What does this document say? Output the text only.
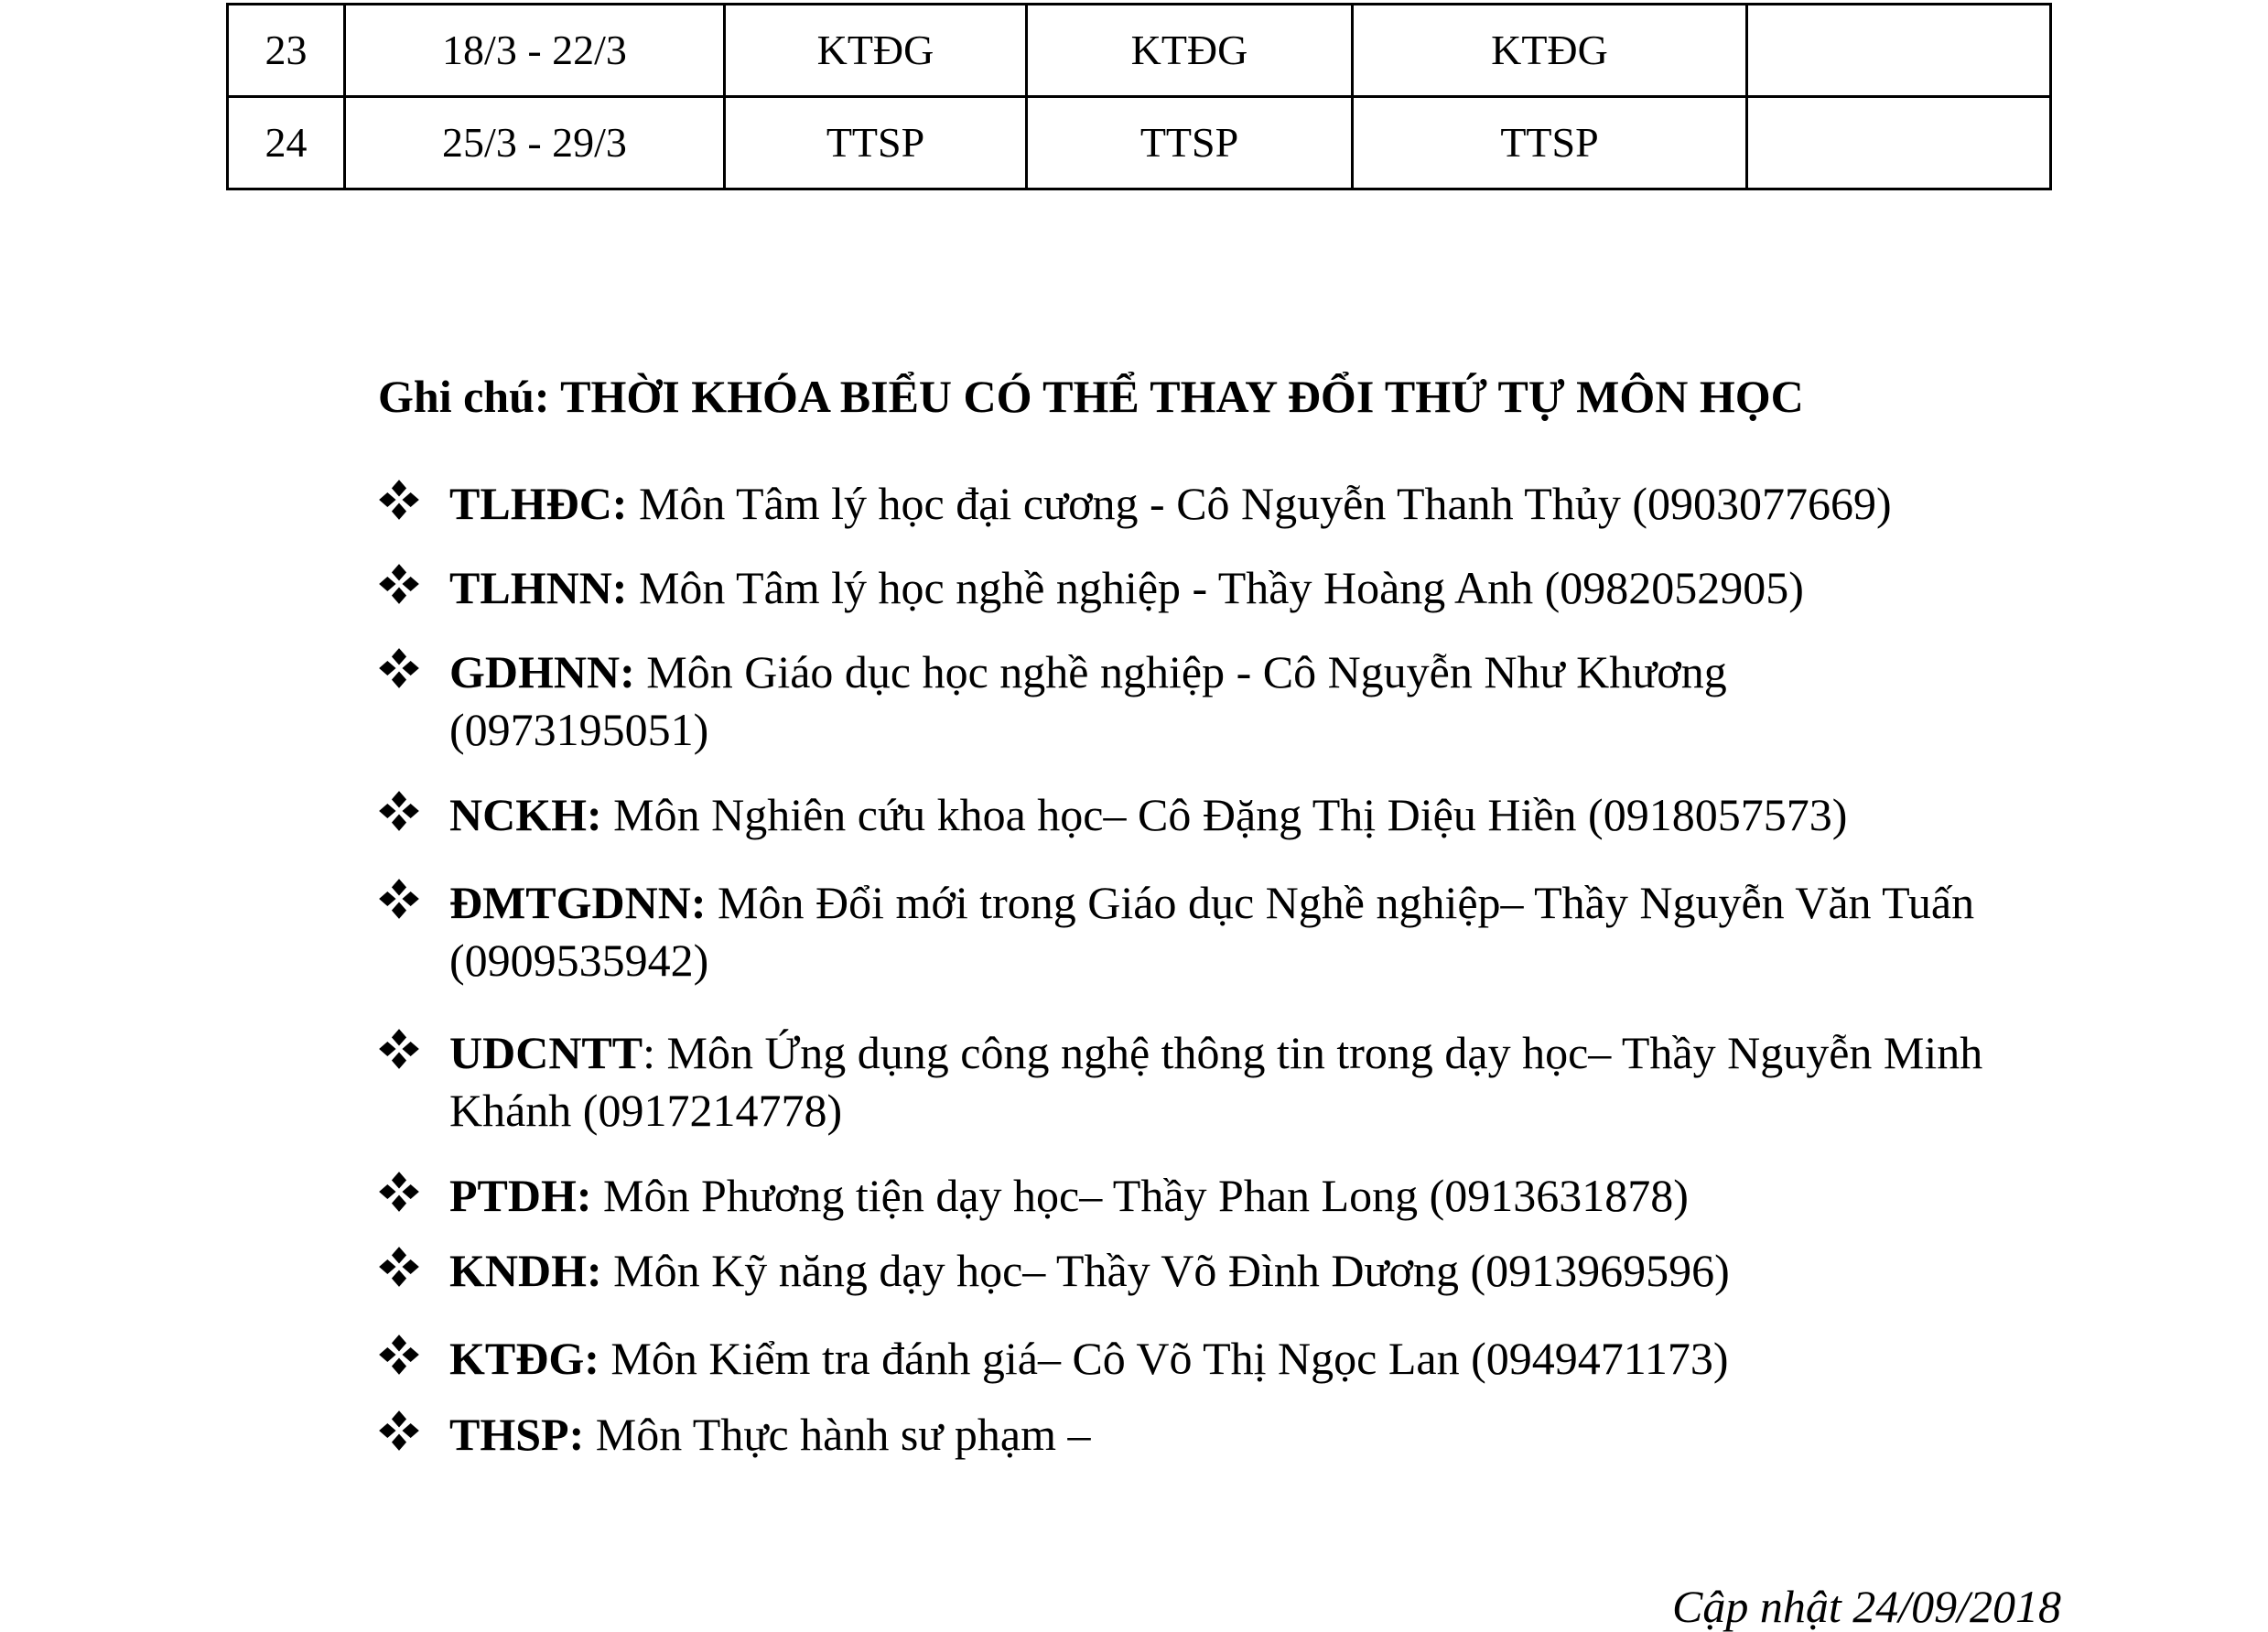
23	18/3 - 22/3	KTĐG	KTĐG	KTĐG	
24	25/3 - 29/3	TTSP	TTSP	TTSP	
Ghi chú: THỜI KHÓA BIỂU CÓ THỂ THAY ĐỔI THỨ TỰ MÔN HỌC
TLHĐC: Môn Tâm lý học đại cương - Cô Nguyễn Thanh Thủy (0903077669)
TLHNN: Môn Tâm lý học nghề nghiệp - Thầy Hoàng Anh (0982052905)
GDHNN: Môn Giáo dục học nghề nghiệp - Cô Nguyễn Như Khương (0973195051)
NCKH: Môn Nghiên cứu khoa học– Cô Đặng Thị Diệu Hiền (0918057573)
ĐMTGDNN: Môn Đổi mới trong Giáo dục Nghề nghiệp– Thầy Nguyễn Văn Tuấn (0909535942)
UDCNTT: Môn Ứng dụng công nghệ thông tin trong dạy học– Thầy Nguyễn Minh Khánh (0917214778)
PTDH: Môn Phương tiện dạy học– Thầy Phan Long (0913631878)
KNDH: Môn Kỹ năng dạy học– Thầy Võ Đình Dương (0913969596)
KTĐG: Môn Kiểm tra đánh giá– Cô Võ Thị Ngọc Lan (0949471173)
THSP: Môn Thực hành sư phạm –
Cập nhật 24/09/2018
